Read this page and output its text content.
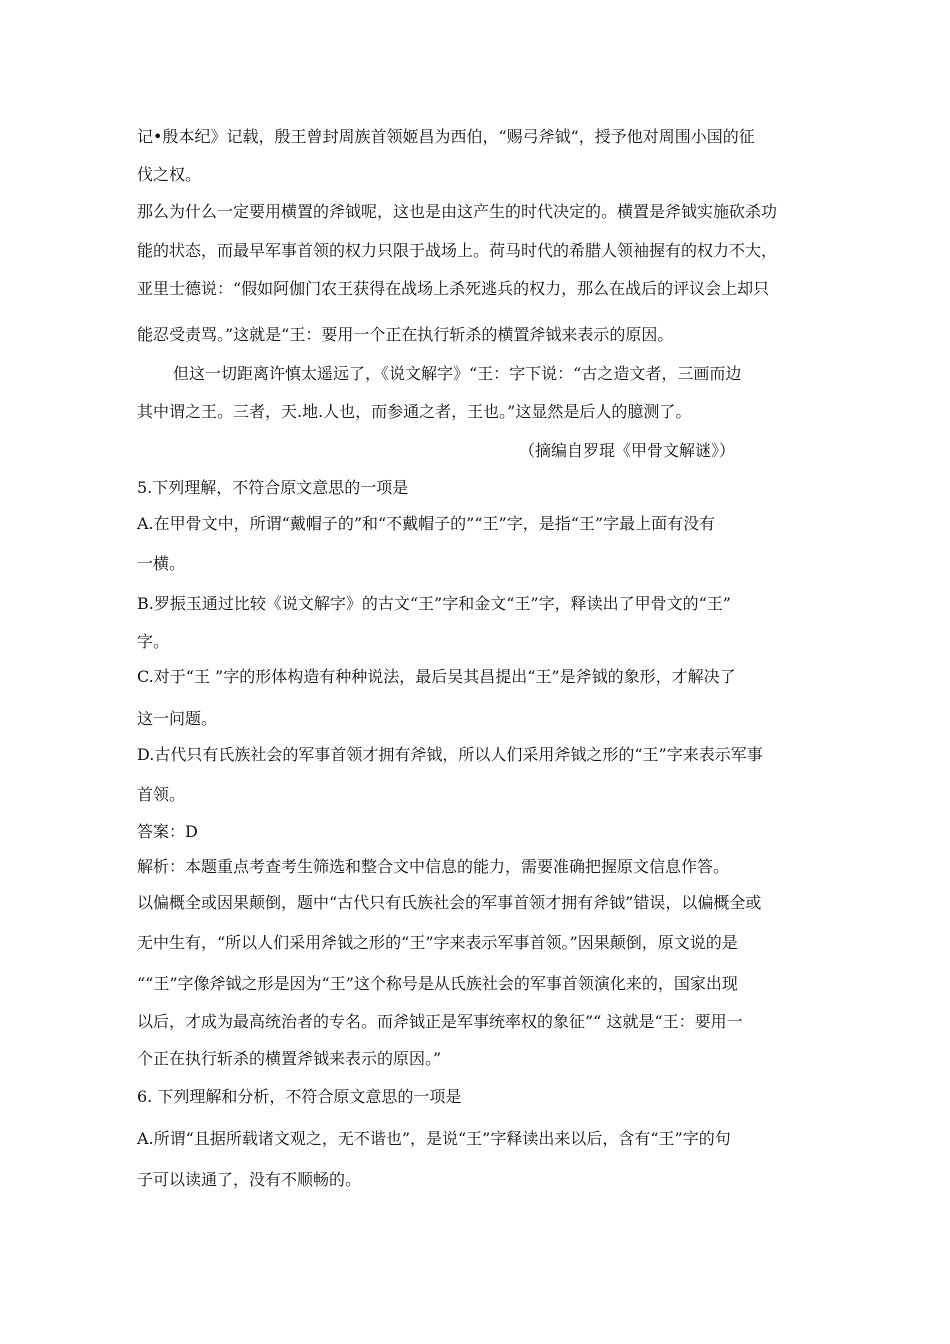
记•殷本纪》记载，殷王曾封周族首领姬昌为西伯，“赐弓斧钺“，授予他对周围小国的征
伐之权。
那么为什么一定要用横置的斧钺呢，这也是由这产生的时代决定的。横置是斧钺实施砍杀功
能的状态，而最早军事首领的权力只限于战场上。荷马时代的希腊人领袖握有的权力不大，
亚里士德说：“假如阿伽门农王获得在战场上杀死逃兵的权力，那么在战后的评议会上却只
能忍受责骂。”这就是“王：要用一个正在执行斩杀的横置斧钺来表示的原因。
但这一切距离许慎太遥远了，《说文解字》“王：字下说：“古之造文者，三画而边
其中谓之王。三者，天.地.人也，而参通之者，王也。”这显然是后人的臆测了。
（摘编自罗琨《甲骨文解谜》）
5.下列理解，不符合原文意思的一项是
A.在甲骨文中，所谓“戴帽子的”和“不戴帽子的”“王”字，是指“王”字最上面有没有
一横。
B.罗振玉通过比较《说文解字》的古文“王”字和金文“王”字，释读出了甲骨文的“王”
字。
C.对于“王 ”字的形体构造有种种说法，最后吴其昌提出“王”是斧钺的象形，才解决了
这一问题。
D.古代只有氏族社会的军事首领才拥有斧钺，所以人们采用斧钺之形的“王”字来表示军事
首领。
答案：D
解析：本题重点考查考生筛选和整合文中信息的能力，需要准确把握原文信息作答。
以偏概全或因果颠倒，题中“古代只有氏族社会的军事首领才拥有斧钺”错误，以偏概全或
无中生有，“所以人们采用斧钺之形的“王”字来表示军事首领。”因果颠倒，原文说的是
““王”字像斧钺之形是因为“王”这个称号是从氏族社会的军事首领演化来的，国家出现
以后，才成为最高统治者的专名。而斧钺正是军事统率权的象征”“ 这就是“王：要用一
个正在执行斩杀的横置斧钺来表示的原因。”
6. 下列理解和分析，不符合原文意思的一项是
A.所谓“且据所载诸文观之，无不谐也”，是说“王”字释读出来以后，含有“王”字的句
子可以读通了，没有不顺畅的。
